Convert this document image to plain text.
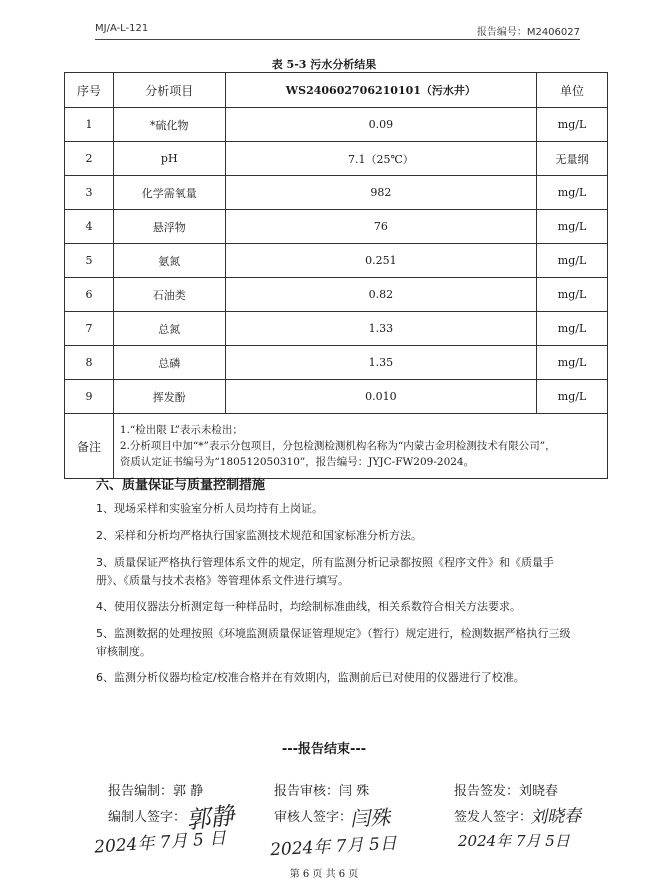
MJ/A-L-121	报告编号：M2406027
表 5-3 污水分析结果
序号	分析项目	WS240602706210101（污水井）	单位
1	*硫化物	0.09	mg/L
2	pH	7.1（25℃）	无量纲
3	化学需氧量	982	mg/L
4	悬浮物	76	mg/L
5	氨氮	0.251	mg/L
6	石油类	0.82	mg/L
7	总氮	1.33	mg/L
8	总磷	1.35	mg/L
9	挥发酚	0.010	mg/L
备注	1.“检出限 L”表示未检出；
2.分析项目中加“*”表示分包项目，分包检测检测机构名称为“内蒙古金玥检测技术有限公司”，
资质认定证书编号为“180512050310”，报告编号：JYJC-FW209-2024。		
六、质量保证与质量控制措施
1、现场采样和实验室分析人员均持有上岗证。
2、采样和分析均严格执行国家监测技术规范和国家标准分析方法。
3、质量保证严格执行管理体系文件的规定，所有监测分析记录都按照《程序文件》和《质量手册》、《质量与技术表格》等管理体系文件进行填写。
4、使用仪器法分析测定每一种样品时，均绘制标准曲线，相关系数符合相关方法要求。
5、监测数据的处理按照《环境监测质量保证管理规定》（暂行）规定进行，检测数据严格执行三级审核制度。
6、监测分析仪器均检定/校准合格并在有效期内，监测前后已对使用的仪器进行了校准。
---报告结束---
报告编制：郭 静	报告审核：闫 殊	报告签发：刘晓春
编制人签字：	审核人签字：	签发人签字：
郭静	闫殊	刘晓春
2024年 7月 5 日	2024年 7月 5日	2024年 7月 5日
第 6 页 共 6 页
